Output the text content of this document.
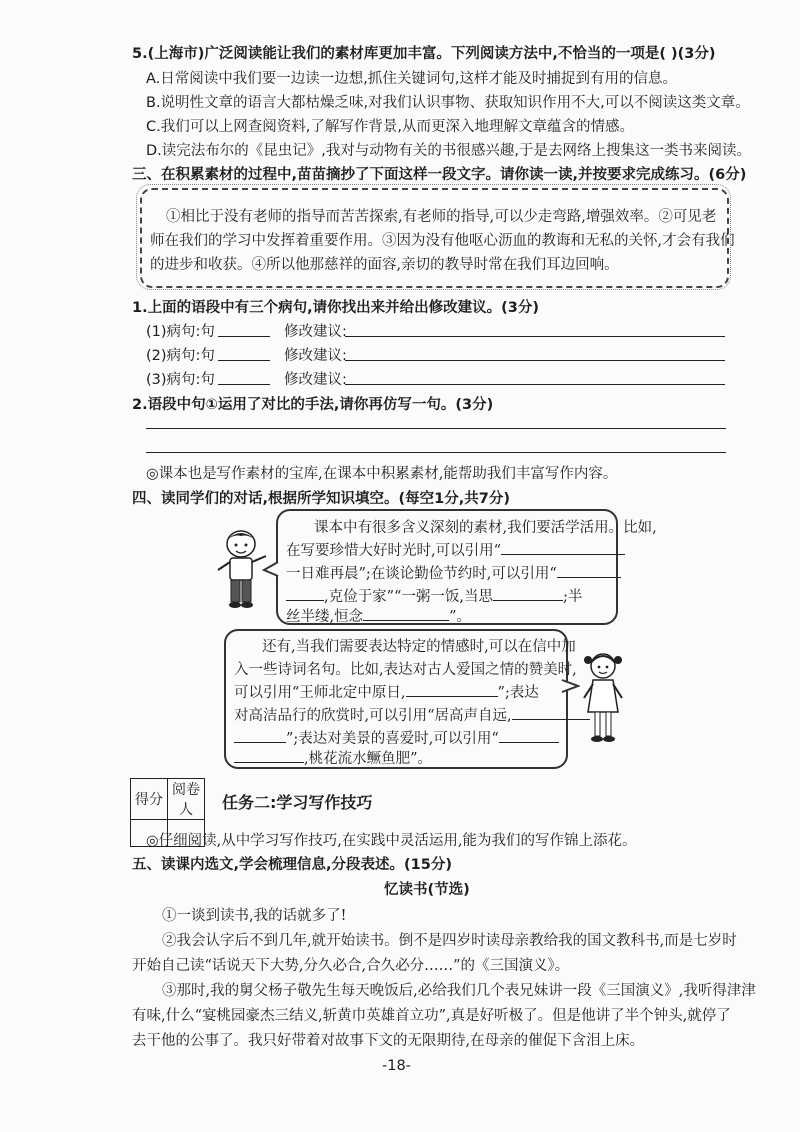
5.(上海市)广泛阅读能让我们的素材库更加丰富。下列阅读方法中,不恰当的一项是( )(3分)
A.日常阅读中我们要一边读一边想,抓住关键词句,这样才能及时捕捉到有用的信息。
B.说明性文章的语言大都枯燥乏味,对我们认识事物、获取知识作用不大,可以不阅读这类文章。
C.我们可以上网查阅资料,了解写作背景,从而更深入地理解文章蕴含的情感。
D.读完法布尔的《昆虫记》,我对与动物有关的书很感兴趣,于是去网络上搜集这一类书来阅读。
三、在积累素材的过程中,苗苗摘抄了下面这样一段文字。请你读一读,并按要求完成练习。(6分)
①相比于没有老师的指导而苦苦探索,有老师的指导,可以少走弯路,增强效率。②可见老
师在我们的学习中发挥着重要作用。③因为没有他呕心沥血的教诲和无私的关怀,才会有我们
的进步和收获。④所以他那慈祥的面容,亲切的教导时常在我们耳边回响。
1.上面的语段中有三个病句,请你找出来并给出修改建议。(3分)
(1)病句:句	修改建议:
(2)病句:句	修改建议:
(3)病句:句	修改建议:
2.语段中句①运用了对比的手法,请你再仿写一句。(3分)
◎课本也是写作素材的宝库,在课本中积累素材,能帮助我们丰富写作内容。
四、读同学们的对话,根据所学知识填空。(每空1分,共7分)
课本中有很多含义深刻的素材,我们要活学活用。比如,
在写要珍惜大好时光时,可以引用“
一日难再晨”;在谈论勤俭节约时,可以引用“
,克俭于家”“一粥一饭,当思	;半
丝半缕,恒念	”。
还有,当我们需要表达特定的情感时,可以在信中加
入一些诗词名句。比如,表达对古人爱国之情的赞美时,
可以引用“王师北定中原日,	”;表达
对高洁品行的欣赏时,可以引用“居高声自远,
”;表达对美景的喜爱时,可以引用“
,桃花流水鳜鱼肥”。
得分	阅卷人
	任务二:学习写作技巧
◎仔细阅读,从中学习写作技巧,在实践中灵活运用,能为我们的写作锦上添花。
五、读课内选文,学会梳理信息,分段表述。(15分)
忆读书(节选)
①一谈到读书,我的话就多了!
②我会认字后不到几年,就开始读书。倒不是四岁时读母亲教给我的国文教科书,而是七岁时
开始自己读“话说天下大势,分久必合,合久必分……”的《三国演义》。
③那时,我的舅父杨子敬先生每天晚饭后,必给我们几个表兄妹讲一段《三国演义》,我听得津津
有味,什么“宴桃园豪杰三结义,斩黄巾英雄首立功”,真是好听极了。但是他讲了半个钟头,就停了
去干他的公事了。我只好带着对故事下文的无限期待,在母亲的催促下含泪上床。
-18-
